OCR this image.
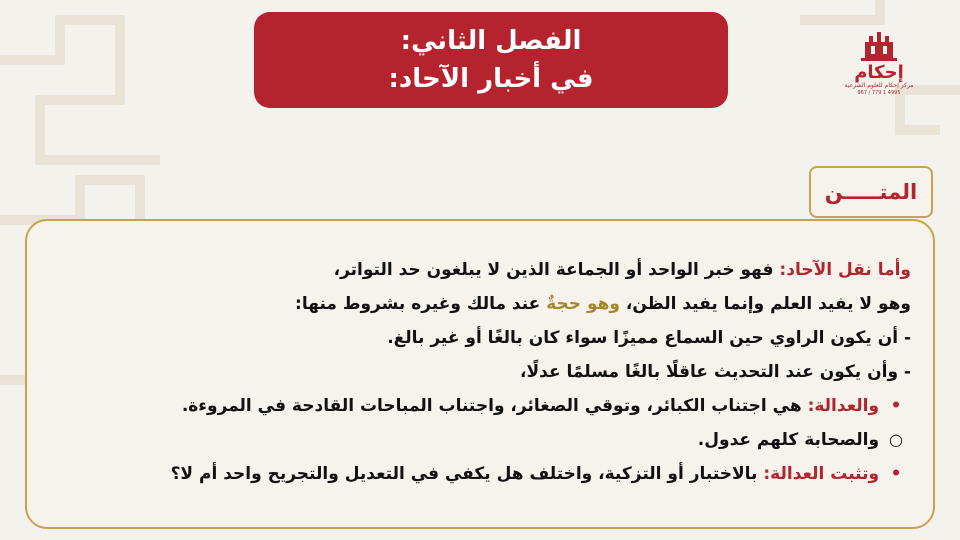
الفصل الثاني:
في أخبار الآحاد:	إحكام
مركز إحكام للعلوم الشرعية
967 / 779 1 4995
المتـــــن
وأما نقل الآحاد: فهو خبر الواحد أو الجماعة الذين لا يبلغون حد التواتر،
وهو لا يفيد العلم وإنما يفيد الظن، وهو حجةٌ عند مالك وغيره بشروط منها:
- أن يكون الراوي حين السماع مميزًا سواء كان بالغًا أو غير بالغ.
- وأن يكون عند التحديث عاقلًا بالغًا مسلمًا عدلًا،
• والعدالة: هي اجتناب الكبائر، وتوقي الصغائر، واجتناب المباحات القادحة في المروءة.
○ والصحابة كلهم عدول.
• وتثبت العدالة: بالاختبار أو التزكية، واختلف هل يكفي في التعديل والتجريح واحد أم لا؟
